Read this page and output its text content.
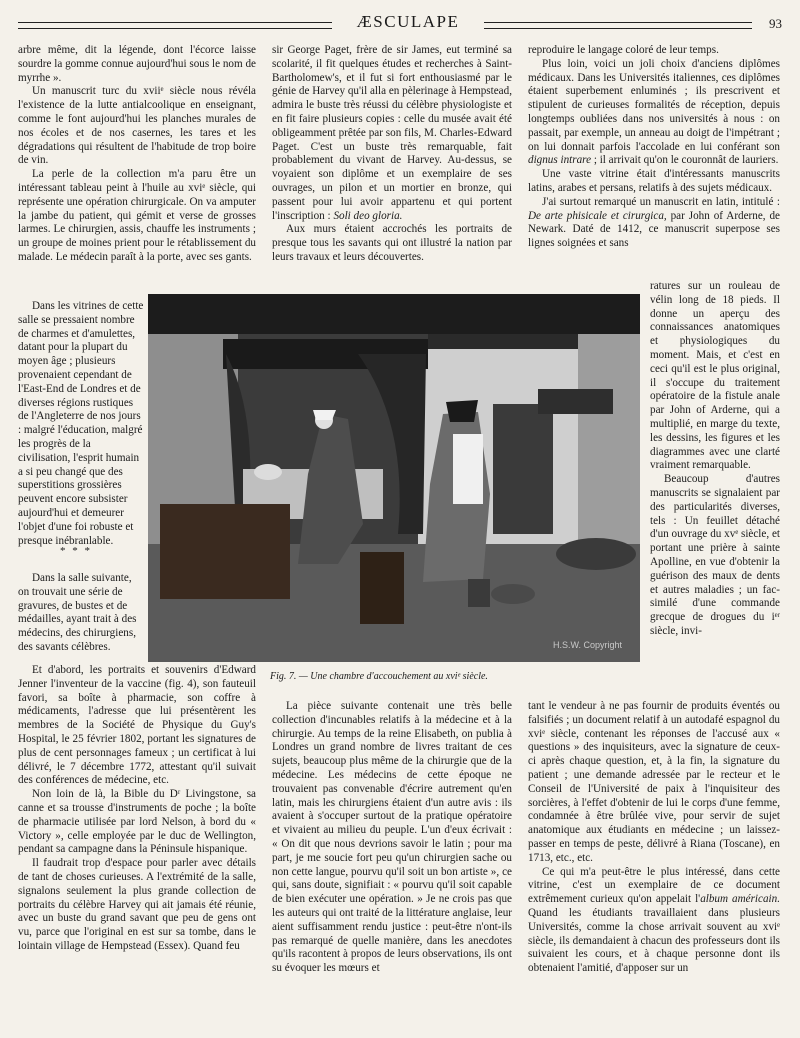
ÆSCULAPE	93

arbre même, dit la légende, dont l'écorce laisse sourdre la gomme connue aujourd'hui sous le nom de myrrhe ».

Un manuscrit turc du xviiᵉ siècle nous révéla l'existence de la lutte antialcoolique en enseignant, comme le font aujourd'hui les planches murales de nos écoles et de nos casernes, les tares et les dégradations qui résultent de l'habitude de trop boire de vin.

La perle de la collection m'a paru être un intéressant tableau peint à l'huile au xviᵉ siècle, qui représente une opération chirurgicale. On va amputer la jambe du patient, qui gémit et verse de grosses larmes. Le chirurgien, assis, chauffe les instruments ; un groupe de moines prient pour le rétablissement du malade. Le médecin paraît à la porte, avec ses gants.

Dans les vitrines de cette salle se pressaient nombre de charmes et d'amulettes, datant pour la plupart du moyen âge ; plusieurs provenaient cependant de l'East-End de Londres et de diverses régions rustiques de l'Angleterre de nos jours : malgré l'éducation, malgré les progrès de la civilisation, l'esprit humain a si peu changé que des superstitions grossières peuvent encore subsister aujourd'hui et demeurer l'objet d'une foi robuste et presque inébranlable.

* * *

Dans la salle suivante, on trouvait une série de gravures, de bustes et de médailles, ayant trait à des médecins, des chirurgiens, des savants célèbres.

Et d'abord, les portraits et souvenirs d'Edward Jenner l'inventeur de la vaccine (fig. 4), son fauteuil favori, sa boîte à pharmacie, son coffre à médicaments, l'adresse que lui présentèrent les membres de la Société de Physique du Guy's Hospital, le 25 février 1802, portant les signatures de plus de cent personnages fameux ; un certificat à lui délivré, le 7 décembre 1772, attestant qu'il suivait des conférences de médecine, etc.

Non loin de là, la Bible du Dʳ Livingstone, sa canne et sa trousse d'instruments de poche ; la boîte de pharmacie utilisée par lord Nelson, à bord du « Victory », celle employée par le duc de Wellington, pendant sa campagne dans la Péninsule hispanique.

Il faudrait trop d'espace pour parler avec détails de tant de choses curieuses. A l'extrémité de la salle, signalons seulement la plus grande collection de portraits du célèbre Harvey qui ait jamais été réunie, avec un buste du grand savant que peu de gens ont vu, parce que l'original en est sur sa tombe, dans le lointain village de Hempstead (Essex). Quand feu

sir George Paget, frère de sir James, eut terminé sa scolarité, il fit quelques études et recherches à Saint-Bartholomew's, et il fut si fort enthousiasmé par le génie de Harvey qu'il alla en pèlerinage à Hempstead, admira le buste très réussi du célèbre physiologiste et en fit faire plusieurs copies : celle du musée avait été obligeamment prêtée par son fils, M. Charles-Edward Paget. C'est un buste très remarquable, fait probablement du vivant de Harvey. Au-dessus, se voyaient son diplôme et un exemplaire de ses ouvrages, un pilon et un mortier en bronze, qui passent pour lui avoir appartenu et qui portent l'inscription : Soli deo gloria.

Aux murs étaient accrochés les portraits de presque tous les savants qui ont illustré la nation par leurs travaux et leurs découvertes.

reproduire le langage coloré de leur temps.

Plus loin, voici un joli choix d'anciens diplômes médicaux. Dans les Universités italiennes, ces diplômes étaient superbement enluminés ; ils prescrivent et stipulent de curieuses formalités de réception, depuis longtemps oubliées dans nos universités à nous : on passait, par exemple, un anneau au doigt de l'impétrant ; on lui donnait parfois l'accolade en lui conférant son dignus intrare ; il arrivait qu'on le couronnât de lauriers.

Une vaste vitrine était d'intéressants manuscrits latins, arabes et persans, relatifs à des sujets médicaux.

J'ai surtout remarqué un manuscrit en latin, intitulé : De arte phisicale et cirurgica, par John of Arderne, de Newark. Daté de 1412, ce manuscrit superpose ses lignes soignées et sans

ratures sur un rouleau de vélin long de 18 pieds. Il donne un aperçu des connaissances anatomiques et physiologiques du moment. Mais, et c'est en ceci qu'il est le plus original, il s'occupe du traitement opératoire de la fistule anale par John of Arderne, qui a multiplié, en marge du texte, les dessins, les figures et les diagrammes avec une clarté vraiment remarquable.

Beaucoup d'autres manuscrits se signalaient par des particularités diverses, tels : Un feuillet détaché d'un ouvrage du xvᵉ siècle, et portant une prière à sainte Apolline, en vue d'obtenir la guérison des maux de dents et autres maladies ; un fac-similé d'une commande grecque de drogues du iᵉʳ siècle, invi-

H.S.W. Copyright
Fig. 7. — Une chambre d'accouchement au xviᵉ siècle.

La pièce suivante contenait une très belle collection d'incunables relatifs à la médecine et à la chirurgie. Au temps de la reine Elisabeth, on publia à Londres un grand nombre de livres traitant de ces sujets, beaucoup plus même de la chirurgie que de la médecine. Les médecins de cette époque ne trouvaient pas convenable d'écrire autrement qu'en latin, mais les chirurgiens étaient d'un autre avis : ils avaient à s'occuper surtout de la pratique opératoire et vivaient au milieu du peuple. L'un d'eux écrivait : « On dit que nous devrions savoir le latin ; pour ma part, je me soucie fort peu qu'un chirurgien sache ou non cette langue, pourvu qu'il soit un bon artiste », ce qui, sans doute, signifiait : « pourvu qu'il soit capable de bien exécuter une opération. » Je ne crois pas que les auteurs qui ont traité de la littérature anglaise, leur aient suffisamment rendu justice : peut-être n'ont-ils pas remarqué de quelle manière, dans les anecdotes qu'ils racontent à propos de leurs observations, ils ont su évoquer les mœurs et

tant le vendeur à ne pas fournir de produits éventés ou falsifiés ; un document relatif à un autodafé espagnol du xviᵉ siècle, contenant les réponses de l'accusé aux « questions » des inquisiteurs, avec la signature de ceux-ci après chaque question, et, à la fin, la signature du patient ; une demande adressée par le recteur et le Conseil de l'Université de paix à l'inquisiteur des sorcières, à l'effet d'obtenir de lui le corps d'une femme, condamnée à être brûlée vive, pour servir de sujet anatomique aux étudiants en médecine ; un laissez-passer en temps de peste, délivré à Riana (Toscane), en 1713, etc., etc.

Ce qui m'a peut-être le plus intéressé, dans cette vitrine, c'est un exemplaire de ce document extrêmement curieux qu'on appelait l'album américain. Quand les étudiants travaillaient dans plusieurs Universités, comme la chose arrivait souvent au xviᵉ siècle, ils demandaient à chacun des professeurs dont ils suivaient les cours, et à chaque personne dont ils obtenaient l'amitié, d'apposer sur un
